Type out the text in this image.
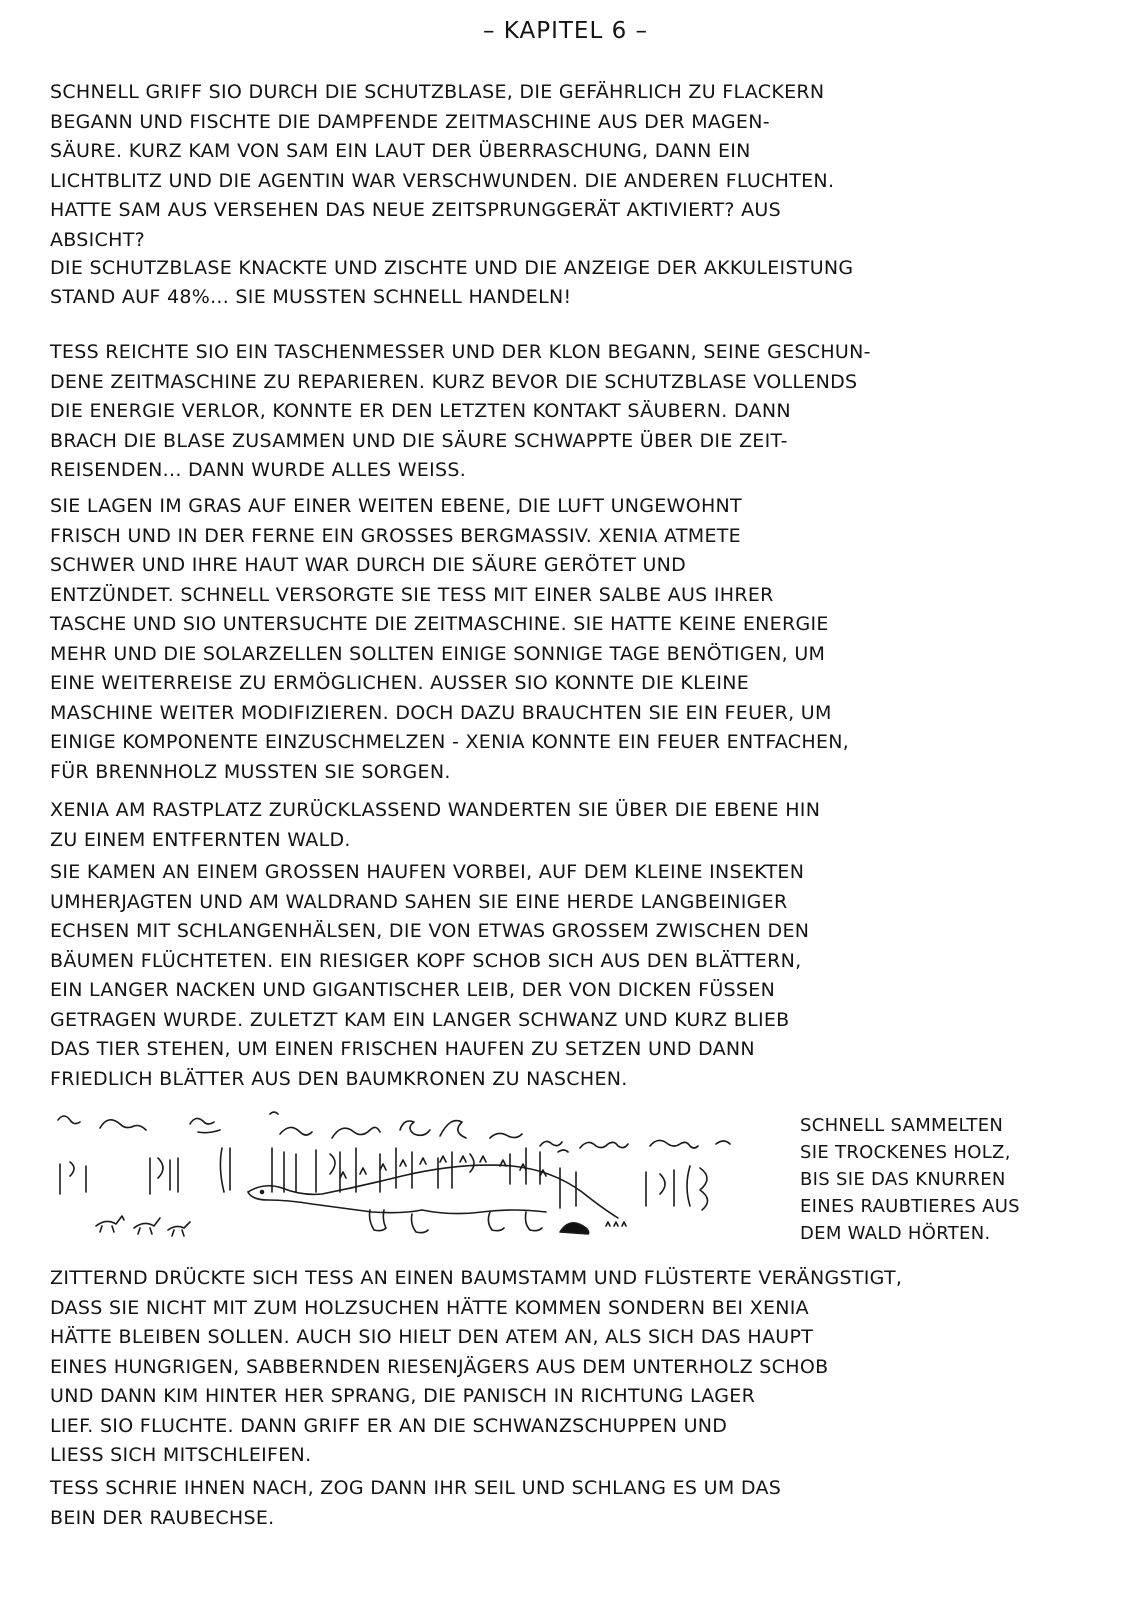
– KAPITEL 6 –
SCHNELL GRIFF SIO DURCH DIE SCHUTZBLASE, DIE GEFÄHRLICH ZU FLACKERN
BEGANN UND FISCHTE DIE DAMPFENDE ZEITMASCHINE AUS DER MAGEN-
SÄURE. KURZ KAM VON SAM EIN LAUT DER ÜBERRASCHUNG, DANN EIN
LICHTBLITZ UND DIE AGENTIN WAR VERSCHWUNDEN. DIE ANDEREN FLUCHTEN.
HATTE SAM AUS VERSEHEN DAS NEUE ZEITSPRUNGGERÄT AKTIVIERT? AUS
ABSICHT?
DIE SCHUTZBLASE KNACKTE UND ZISCHTE UND DIE ANZEIGE DER AKKULEISTUNG
STAND AUF 48%... SIE MUSSTEN SCHNELL HANDELN!
TESS REICHTE SIO EIN TASCHENMESSER UND DER KLON BEGANN, SEINE GESCHUN-
DENE ZEITMASCHINE ZU REPARIEREN. KURZ BEVOR DIE SCHUTZBLASE VOLLENDS
DIE ENERGIE VERLOR, KONNTE ER DEN LETZTEN KONTAKT SÄUBERN. DANN
BRACH DIE BLASE ZUSAMMEN UND DIE SÄURE SCHWAPPTE ÜBER DIE ZEIT-
REISENDEN... DANN WURDE ALLES WEISS.
SIE LAGEN IM GRAS AUF EINER WEITEN EBENE, DIE LUFT UNGEWOHNT
FRISCH UND IN DER FERNE EIN GROSSES BERGMASSIV. XENIA ATMETE
SCHWER UND IHRE HAUT WAR DURCH DIE SÄURE GERÖTET UND
ENTZÜNDET. SCHNELL VERSORGTE SIE TESS MIT EINER SALBE AUS IHRER
TASCHE UND SIO UNTERSUCHTE DIE ZEITMASCHINE. SIE HATTE KEINE ENERGIE
MEHR UND DIE SOLARZELLEN SOLLTEN EINIGE SONNIGE TAGE BENÖTIGEN, UM
EINE WEITERREISE ZU ERMÖGLICHEN. AUSSER SIO KONNTE DIE KLEINE
MASCHINE WEITER MODIFIZIEREN. DOCH DAZU BRAUCHTEN SIE EIN FEUER, UM
EINIGE KOMPONENTE EINZUSCHMELZEN - XENIA KONNTE EIN FEUER ENTFACHEN,
FÜR BRENNHOLZ MUSSTEN SIE SORGEN.
XENIA AM RASTPLATZ ZURÜCKLASSEND WANDERTEN SIE ÜBER DIE EBENE HIN
ZU EINEM ENTFERNTEN WALD.
SIE KAMEN AN EINEM GROSSEN HAUFEN VORBEI, AUF DEM KLEINE INSEKTEN
UMHERJAGTEN UND AM WALDRAND SAHEN SIE EINE HERDE LANGBEINIGER
ECHSEN MIT SCHLANGENHÄLSEN, DIE VON ETWAS GROSSEM ZWISCHEN DEN
BÄUMEN FLÜCHTETEN. EIN RIESIGER KOPF SCHOB SICH AUS DEN BLÄTTERN,
EIN LANGER NACKEN UND GIGANTISCHER LEIB, DER VON DICKEN FÜSSEN
GETRAGEN WURDE. ZULETZT KAM EIN LANGER SCHWANZ UND KURZ BLIEB
DAS TIER STEHEN, UM EINEN FRISCHEN HAUFEN ZU SETZEN UND DANN
FRIEDLICH BLÄTTER AUS DEN BAUMKRONEN ZU NASCHEN.
SCHNELL SAMMELTEN
SIE TROCKENES HOLZ,
BIS SIE DAS KNURREN
EINES RAUBTIERES AUS
DEM WALD HÖRTEN.
ZITTERND DRÜCKTE SICH TESS AN EINEN BAUMSTAMM UND FLÜSTERTE VERÄNGSTIGT,
DASS SIE NICHT MIT ZUM HOLZSUCHEN HÄTTE KOMMEN SONDERN BEI XENIA
HÄTTE BLEIBEN SOLLEN. AUCH SIO HIELT DEN ATEM AN, ALS SICH DAS HAUPT
EINES HUNGRIGEN, SABBERNDEN RIESENJÄGERS AUS DEM UNTERHOLZ SCHOB
UND DANN KIM HINTER HER SPRANG, DIE PANISCH IN RICHTUNG LAGER
LIEF. SIO FLUCHTE. DANN GRIFF ER AN DIE SCHWANZSCHUPPEN UND
LIESS SICH MITSCHLEIFEN.
TESS SCHRIE IHNEN NACH, ZOG DANN IHR SEIL UND SCHLANG ES UM DAS
BEIN DER RAUBECHSE.
